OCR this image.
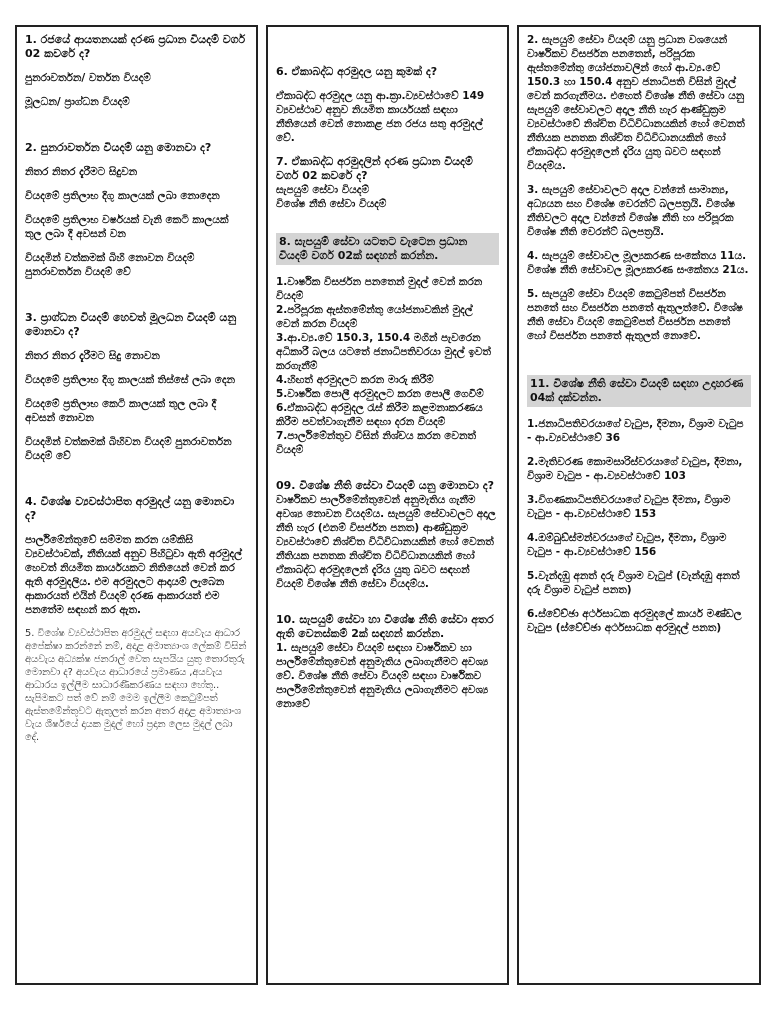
1. රජයේ ආයතනයක් දරණ ප්‍රධාන වියදම් වර්ග 02 කවරේ ද?

පුනරාවර්තන/ වර්තන වියදම්

මූලධන/ ප්‍රාග්ධන වියදම්

2. පුනරාවර්තන වියදම් යනු මොනවා ද?

නිතර නිතර දැරීමට සිදුවන

වියදමේ ප්‍රතිලාභ දිගු කාලයක් ලබා නොදෙන

වියදමේ ප්‍රතිලාභ වර්ෂයක් වැනි කෙටි කාලයක් තුල ලබා දී අවසන් වන

වියදමින් වත්කමක් බිහි නොවන වියදම් පුනරාවර්තන වියදම් වේ

3. ප්‍රාග්ධන වියදම් හෙවත් මූලධන වියදම් යනු මොනවා ද?

නිතර නිතර දැරීමට සිදු නොවන

වියදමේ ප්‍රතිලාභ දිගු කාලයක් තිස්සේ ලබා දෙන

වියදමේ ප්‍රතිලාභ කෙටි කාලයක් තුල ලබා දී අවසන් නොවන

වියදමින් වත්කමක් බිහිවන වියදම් පුනරාවර්තන වියදම් වේ

4. විශේෂ ව්‍යවස්ථාපිත අරමුදල් යනු මොනවා ද?

පාර්ලිමේන්තුවේ සම්මත කරන යම්කිසි ව්‍යවස්ථාවක්, නීතියක් අනුව පිහිටුවා ඇති අරමුදල් හෙවත් නියමිත කාර්යයකට නිතියෙන් වෙන් කර ඇති අරමුදලිය. එම අරමුදලට ආදායම් ලැබෙන ආකාරයත් එයින් වියදම් දරණ ආකාරයත් එම පනතේම සඳහන් කර ඇත.

5. විශේෂ ව්‍යවස්ථාපිත අරමුදල් සඳහා අයවැය ආධාර අපේක්ෂා කරන්නේ නම්, අදාළ අමාත්‍යාංශ ලේකම් විසින් අයවැය අධ්‍යක්ෂ ජනරාල් වෙත සැපයිය යුතු තොරතුරු මොනවා ද? අයවැය ආධාරයේ ප්‍රමාණය ,අයවැය ආධාරය ඉල්ලීම සාධාරණීකරණය සඳහා හේතු.. සැපිමකට පත් වේ නම් මෙම ඉල්ලීම කෙටුම්පත් ඇස්තමේන්තුවට ඇතුලත් කරන අතර අදාළ අමාත්‍යාංශ වැය ශීර්ෂයේ දායක මුදල් හෝ ප්‍රදාන ලෙස මුදල් ලබා දේ.

6. ඒකාබද්ධ අරමුදල යනු කුමක් ද?

ඒකාබද්ධ අරමුදල යනු ආ.ක්‍රා.ව්‍යවස්ථාවේ 149 ව්‍යවස්ථාව අනුව නියමිත කාර්යයක් සඳහා නීතියෙන් වෙන් නොකළ ජන රජය සතු අරමුදල් වේ.

7. ඒකාබද්ධ අරමුදලින් දරණ ප්‍රධාන වියදම් වර්ග 02 කවරේ ද?

සැපයුම් සේවා වියදම්

විශේෂ නීති සේවා වියදම්

8. සැපයුම් සේවා යටතට වැටෙන ප්‍රධාන වියදම් වර්ග 02ක් සඳහන් කරන්න.

1.වාර්ෂික විසර්ජන පනතෙන් මුදල් වෙන් කරන වියදම්

2.පරිපූරක ඇස්තමේන්තු යෝජනාවකින් මුදල් වෙන් කරන වියදම්

3.ආ.ව්‍ය.වේ 150.3, 150.4 මගින් පැවරෙන අධිකාරී බලය යටතේ ජනාධිපතිවරයා මුදල් ඉවත් කරගැනීම්

4.හිඟත් අරමුදලට කරන මාරු කිරීම්

5.වාර්ෂික පොලී අරමුදලට කරන පොලී ගෙවීම්

6.ඒකාබද්ධ අරමුදල රැස් කිරීම කළමනාකරණය කිරීම පවත්වාගැනීම සඳහා දරන වියදම්

7.පාර්ලිමේන්තුව විසින් නිශ්චය කරන වෙනත් වියදම්

09. විශේෂ නීති සේවා වියදම් යනු මොනවා ද?

වාර්ෂිකව පාර්ලිමේන්තුවෙන් අනුමැතිය ගැනීම අවශ්‍ය නොවන වියදම්ය. සැපයුම් සේවාවලට අදාල නීති හැර (එනම් විසර්ජන පනත) ආණ්ඩුක්‍රම ව්‍යවස්ථාවේ නිශ්චිත විධිවිධානයකින් හෝ වෙනත් නීතියක පනතක නිශ්චිත විධිවිධානයකින් හෝ ඒකාබද්ධ අරමුදලෙන් දැරිය යුතු බවට සඳහන් වියදම් විශේෂ නීති සේවා වියදම්ය.

10. සැපයුම් සේවා හා විශේෂ නීති සේවා අතර ඇති වෙනස්කම් 2ක් සඳහන් කරන්න.

1. සැපයුම් සේවා වියදම් සඳහා වාර්ෂිකව හා පාර්ලිමේන්තුවෙන් අනුමැතිය ලබාගැනීමට අවශ්‍ය වේ. විශේෂ නීති සේවා වියදම් සඳහා වාර්ෂිකව පාර්ලිමේන්තුවෙන් අනුමැතිය ලබාගැනීමට අවශ්‍ය නොවේ

2. සැපයුම් සේවා වියදම් යනු ප්‍රධාන වශයෙන් වාර්ෂිකව විසර්ජන පනතෙන්, පරිපූරක ඇස්තමේන්තු යෝජනාවලින් හෝ ආ.ව්‍ය.වේ 150.3 හා 150.4 අනුව ජනාධිපති විසින් මුදල් වෙන් කරගැනීමය. එහෙත් විශේෂ නීති සේවා යනු සැපයුම් සේවාවලට අදාල නීති හැර ආණ්ඩුක්‍රම ව්‍යවස්ථාවේ නිශ්චිත විධිවිධානයකින් හෝ වෙනත් නීතියක පනතක නිශ්චිත විධිවිධානයකින් හෝ ඒකාබද්ධ අරමුදලෙන් දැරිය යුතු බවට සඳහන් වියදම්ය.

3. සැපයුම් සේවාවලට අදාල වන්නේ සාමාන්‍ය, අධ්‍යයන සහ විශේෂ වෙරන්ට් බලපත්‍රයි. විශේෂ නීතිවලට අදාල වන්නේ විශේෂ නීති හා පරිපූරක විශේෂ නීති වෙරන්ට් බලපත්‍රයි.

4. සැපයුම් සේවාවල මූල්‍යකරණ සංකේතය 11ය. විශේෂ නීති සේවාවල මූල්‍යකරණ සංකේතය 21ය.

5. සැපයුම් සේවා වියදම් කෙටුම්පත් විසර්ජන පනතේ සහ විසර්ජන පනතේ ඇතුලත්වේ. විශේෂ නීති සේවා වියදම් කෙටුම්පත් විසර්ජන පනතේ හෝ විසර්ජන පනතේ ඇතුලත් නොවේ.

11. විශේෂ නීති සේවා වියදම් සඳහා උදාහරණ 04ක් දක්වන්න.

1.ජනාධිපතිවරයාගේ වැටුප, දීමනා, විශ්‍රාම වැටුප - ආ.ව්‍යවස්ථාවේ 36

2.මැතිවරණ කොමසාරිස්වරයාගේ වැටුප, දීමනා, විශ්‍රාම වැටුප - ආ.ව්‍යවස්ථාවේ 103

3.විගණකාධිපතිවරයාගේ වැටුප දීමනා, විශ්‍රාම වැටුප - ආ.ව්‍යවස්ථාවේ 153

4.ඔම්බුඩ්ස්මන්වරයාගේ වැටුප, දීමනා, විශ්‍රාම වැටුප - ආ.ව්‍යවස්ථාවේ 156

5.වැන්දඹු අනත් දරු විශ්‍රාම වැටුප් (වැන්දඹු අනත් දරු විශ්‍රාම වැටුප් පනත)

6.ස්වේච්ඡා අර්ථසාධක අරමුදලේ කාර්ය මණ්ඩල වැටුප (ස්වේච්ඡා අර්ථසාධක අරමුදල් පනත)
